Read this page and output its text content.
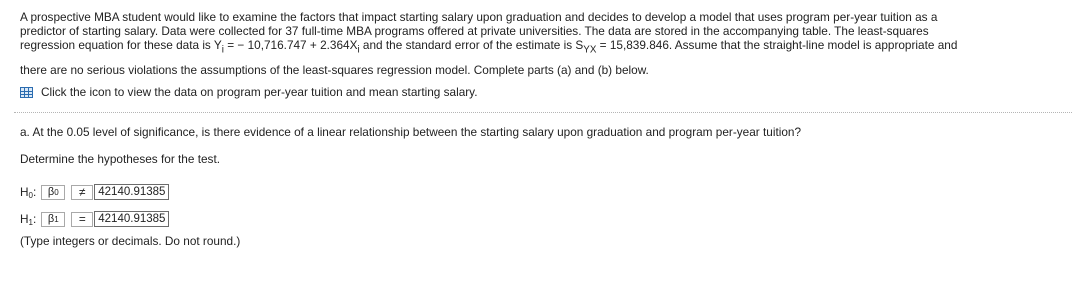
A prospective MBA student would like to examine the factors that impact starting salary upon graduation and decides to develop a model that uses program per-year tuition as a
predictor of starting salary. Data were collected for 37 full-time MBA programs offered at private universities. The data are stored in the accompanying table. The least-squares
regression equation for these data is $Y_i$ = − $10,716.747 + 2.364X_i$ and the standard error of the estimate is $S_{YX} = 15,839.846$. Assume that the straight-line model is appropriate and
there are no serious violations the assumptions of the least-squares regression model. Complete parts (a) and (b) below.
Click the icon to view the data on program per-year tuition and mean starting salary.
a. At the 0.05 level of significance, is there evidence of a linear relationship between the starting salary upon graduation and program per-year tuition?
Determine the hypotheses for the test.
$H_0$: β 0	≠	42140.91385
$H_1$: β 1	=	42140.91385
(Type integers or decimals. Do not round.)
